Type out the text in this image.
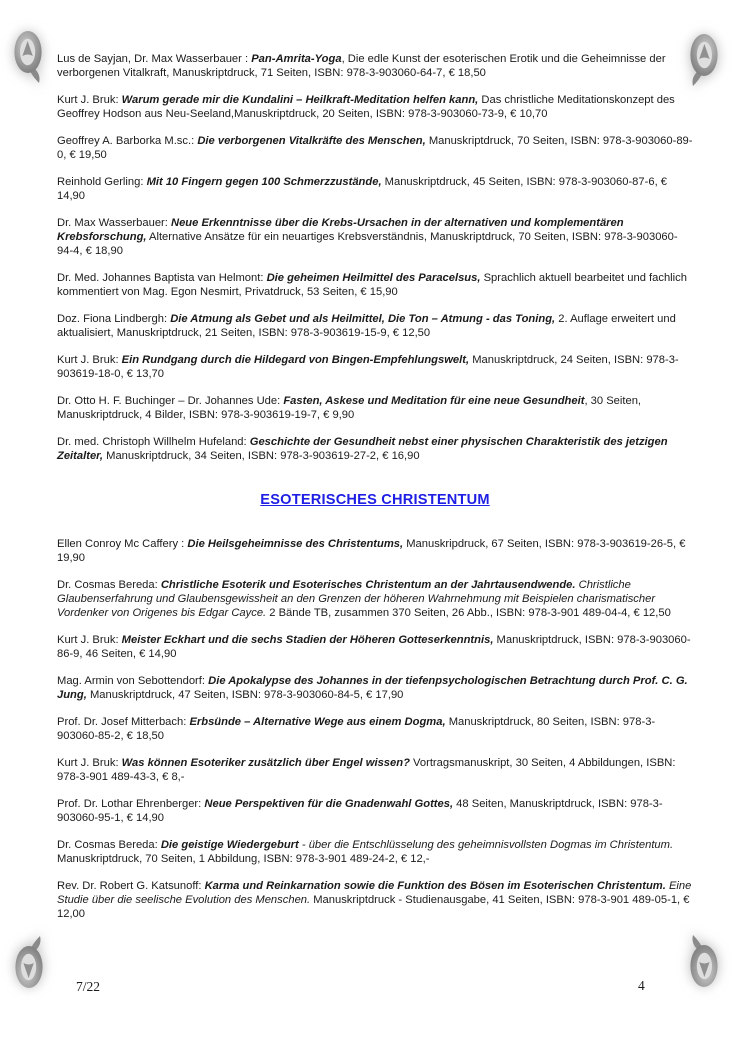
Lus de Sayjan, Dr. Max Wasserbauer : Pan-Amrita-Yoga, Die edle Kunst der esoterischen Erotik und die Geheimnisse der verborgenen Vitalkraft, Manuskriptdruck, 71 Seiten, ISBN: 978-3-903060-64-7, € 18,50

Kurt J. Bruk: Warum gerade mir die Kundalini – Heilkraft-Meditation helfen kann, Das christliche Meditationskonzept des Geoffrey Hodson aus Neu-Seeland,Manuskriptdruck, 20 Seiten, ISBN: 978-3-903060-73-9, € 10,70

Geoffrey A. Barborka M.sc.: Die verborgenen Vitalkräfte des Menschen, Manuskriptdruck, 70 Seiten, ISBN: 978-3-903060-89-0, € 19,50

Reinhold Gerling: Mit 10 Fingern gegen 100 Schmerzzustände, Manuskriptdruck, 45 Seiten, ISBN: 978-3-903060-87-6, € 14,90

Dr. Max Wasserbauer: Neue Erkenntnisse über die Krebs-Ursachen in der alternativen und komplementären Krebsforschung, Alternative Ansätze für ein neuartiges Krebsverständnis, Manuskriptdruck, 70 Seiten, ISBN: 978-3-903060-94-4, € 18,90

Dr. Med. Johannes Baptista van Helmont: Die geheimen Heilmittel des Paracelsus, Sprachlich aktuell bearbeitet und fachlich kommentiert von Mag. Egon Nesmirt, Privatdruck, 53 Seiten, € 15,90

Doz. Fiona Lindbergh: Die Atmung als Gebet und als Heilmittel, Die Ton – Atmung - das Toning, 2. Auflage erweitert und aktualisiert, Manuskriptdruck, 21 Seiten, ISBN: 978-3-903619-15-9, € 12,50

Kurt J. Bruk: Ein Rundgang durch die Hildegard von Bingen-Empfehlungswelt, Manuskriptdruck, 24 Seiten, ISBN: 978-3-903619-18-0, € 13,70

Dr. Otto H. F. Buchinger – Dr. Johannes Ude: Fasten, Askese und Meditation für eine neue Gesundheit, 30 Seiten, Manuskriptdruck, 4 Bilder, ISBN: 978-3-903619-19-7, € 9,90

Dr. med. Christoph Willhelm Hufeland: Geschichte der Gesundheit nebst einer physischen Charakteristik des jetzigen Zeitalter, Manuskriptdruck, 34 Seiten, ISBN: 978-3-903619-27-2, € 16,90

ESOTERISCHES CHRISTENTUM

Ellen Conroy Mc Caffery : Die Heilsgeheimnisse des Christentums, Manuskripdruck, 67 Seiten, ISBN: 978-3-903619-26-5, € 19,90

Dr. Cosmas Bereda: Christliche Esoterik und Esoterisches Christentum an der Jahrtausendwende. Christliche Glaubenserfahrung und Glaubensgewissheit an den Grenzen der höheren Wahrnehmung mit Beispielen charismatischer Vordenker von Origenes bis Edgar Cayce. 2 Bände TB, zusammen 370 Seiten, 26 Abb., ISBN: 978-3-901 489-04-4, € 12,50

Kurt J. Bruk: Meister Eckhart und die sechs Stadien der Höheren Gotteserkenntnis, Manuskriptdruck, ISBN: 978-3-903060-86-9, 46 Seiten, € 14,90

Mag. Armin von Sebottendorf: Die Apokalypse des Johannes in der tiefenpsychologischen Betrachtung durch Prof. C. G. Jung, Manuskriptdruck, 47 Seiten, ISBN: 978-3-903060-84-5, € 17,90

Prof. Dr. Josef Mitterbach: Erbsünde – Alternative Wege aus einem Dogma, Manuskriptdruck, 80 Seiten, ISBN: 978-3-903060-85-2, € 18,50

Kurt J. Bruk: Was können Esoteriker zusätzlich über Engel wissen? Vortragsmanuskript, 30 Seiten, 4 Abbildungen, ISBN: 978-3-901 489-43-3, € 8,-

Prof. Dr. Lothar Ehrenberger: Neue Perspektiven für die Gnadenwahl Gottes, 48 Seiten, Manuskriptdruck, ISBN: 978-3-903060-95-1, € 14,90

Dr. Cosmas Bereda: Die geistige Wiedergeburt - über die Entschlüsselung des geheimnisvollsten Dogmas im Christentum. Manuskriptdruck, 70 Seiten, 1 Abbildung, ISBN: 978-3-901 489-24-2, € 12,-

Rev. Dr. Robert G. Katsunoff: Karma und Reinkarnation sowie die Funktion des Bösen im Esoterischen Christentum. Eine Studie über die seelische Evolution des Menschen. Manuskriptdruck - Studienausgabe, 41 Seiten, ISBN: 978-3-901 489-05-1, € 12,00

7/22	4
